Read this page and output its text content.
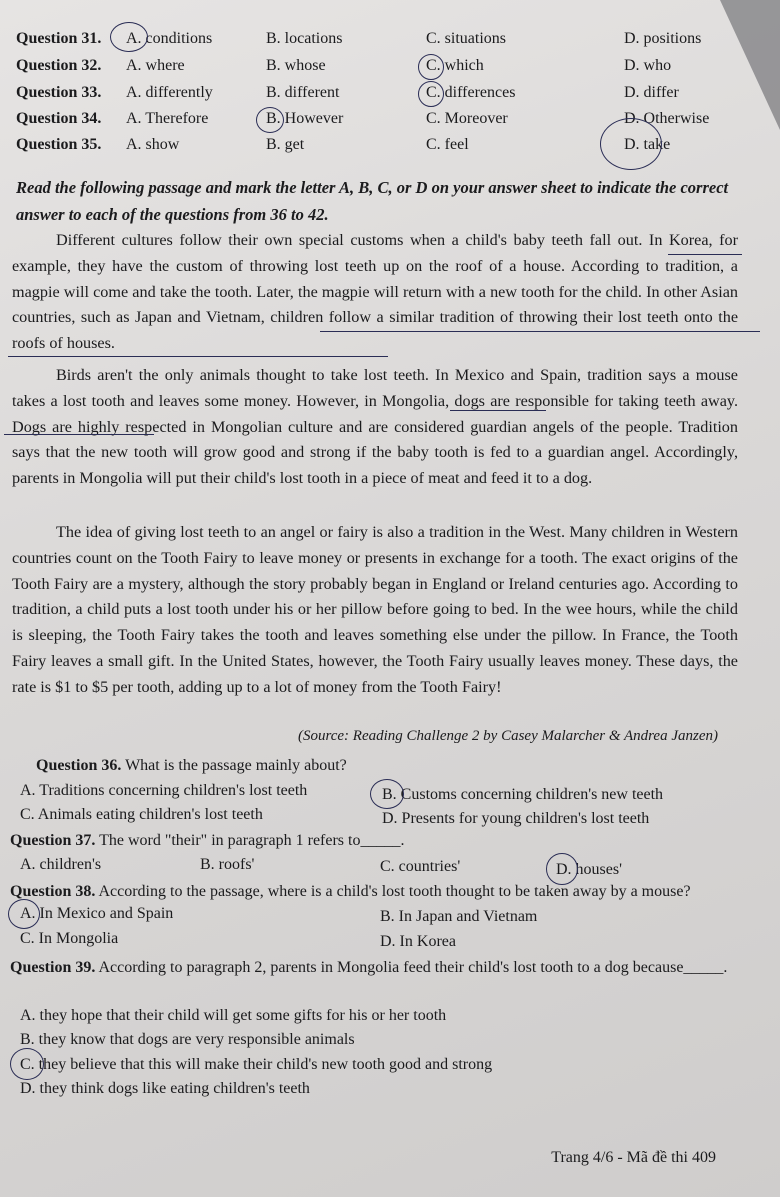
Question 31. A. conditions	B. locations	C. situations	D. positions
Question 32. A. where	B. whose	C. which	D. who
Question 33. A. differently	B. different	C. differences	D. differ
Question 34. A. Therefore	B. However	C. Moreover	D. Otherwise
Question 35. A. show	B. get	C. feel	D. take
Read the following passage and mark the letter A, B, C, or D on your answer sheet to indicate the correct answer to each of the questions from 36 to 42.

Different cultures follow their own special customs when a child's baby teeth fall out. In Korea, for example, they have the custom of throwing lost teeth up on the roof of a house. According to tradition, a magpie will come and take the tooth. Later, the magpie will return with a new tooth for the child. In other Asian countries, such as Japan and Vietnam, children follow a similar tradition of throwing their lost teeth onto the roofs of houses.

Birds aren't the only animals thought to take lost teeth. In Mexico and Spain, tradition says a mouse takes a lost tooth and leaves some money. However, in Mongolia, dogs are responsible for taking teeth away. Dogs are highly respected in Mongolian culture and are considered guardian angels of the people. Tradition says that the new tooth will grow good and strong if the baby tooth is fed to a guardian angel. Accordingly, parents in Mongolia will put their child's lost tooth in a piece of meat and feed it to a dog.

The idea of giving lost teeth to an angel or fairy is also a tradition in the West. Many children in Western countries count on the Tooth Fairy to leave money or presents in exchange for a tooth. The exact origins of the Tooth Fairy are a mystery, although the story probably began in England or Ireland centuries ago. According to tradition, a child puts a lost tooth under his or her pillow before going to bed. In the wee hours, while the child is sleeping, the Tooth Fairy takes the tooth and leaves something else under the pillow. In France, the Tooth Fairy leaves a small gift. In the United States, however, the Tooth Fairy usually leaves money. These days, the rate is $1 to $5 per tooth, adding up to a lot of money from the Tooth Fairy!

(Source: Reading Challenge 2 by Casey Malarcher & Andrea Janzen)
Question 36. What is the passage mainly about?
A. Traditions concerning children's lost teeth	B. Customs concerning children's new teeth
C. Animals eating children's lost teeth	D. Presents for young children's lost teeth
Question 37. The word "their" in paragraph 1 refers to_____.
A. children's	B. roofs'	C. countries'	D. houses'
Question 38. According to the passage, where is a child's lost tooth thought to be taken away by a mouse?
A. In Mexico and Spain	B. In Japan and Vietnam
C. In Mongolia	D. In Korea
Question 39. According to paragraph 2, parents in Mongolia feed their child's lost tooth to a dog because_____.
A. they hope that their child will get some gifts for his or her tooth
B. they know that dogs are very responsible animals
C. they believe that this will make their child's new tooth good and strong
D. they think dogs like eating children's teeth
Trang 4/6 - Mã đề thi 409
